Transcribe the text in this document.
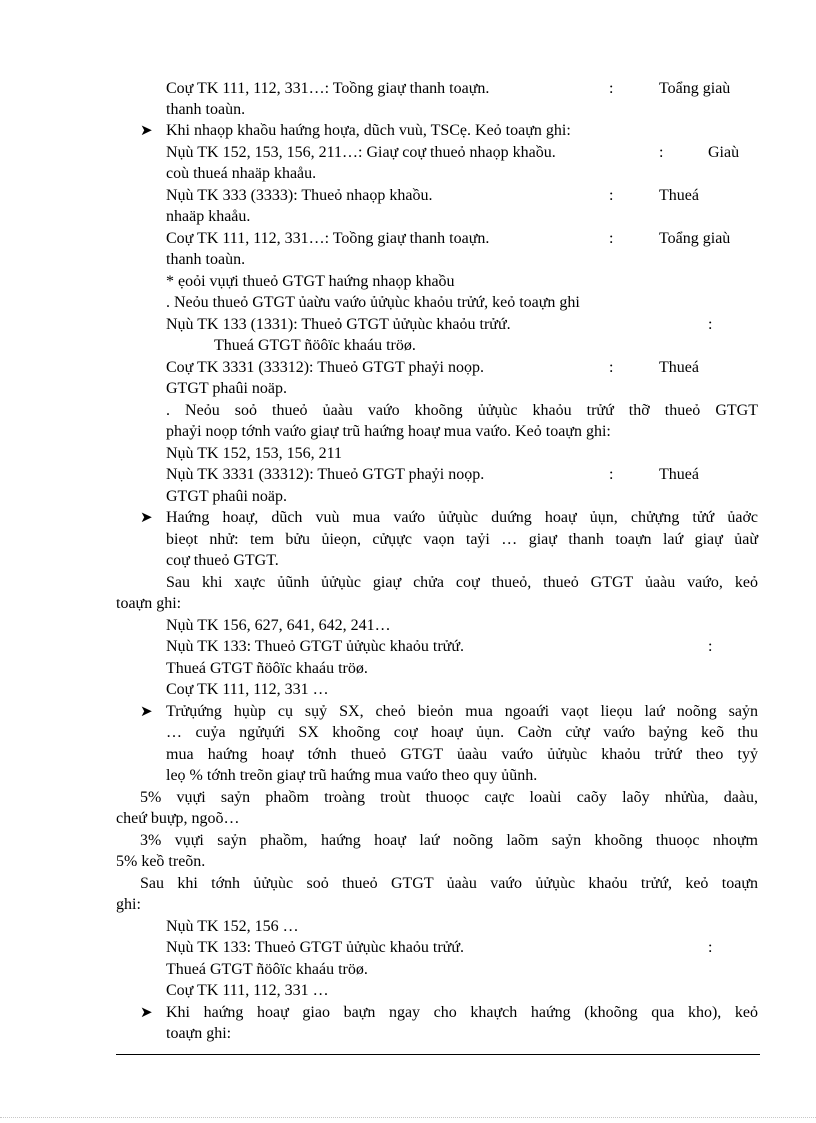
Coự TK 111, 112, 331…: Toồng giaự thanh toaựn.	:	Toẩng giaù
thanh toaùn.
➤ Khi nhaọp khaồu haứng hoựa, dũch vuù, TSCẹ. Keỏ toaựn ghi:
Nụù TK 152, 153, 156, 211…: Giaự coự thueỏ nhaọp khaồu.	:	Giaù
coù thueá nhaäp khaåu.
Nụù TK 333 (3333): Thueỏ nhaọp khaồu.	:	Thueá
nhaäp khaåu.
Coự TK 111, 112, 331…: Toồng giaự thanh toaựn.	:	Toẩng giaù
thanh toaùn.
* ẹoỏi vụựi thueỏ GTGT haứng nhaọp khaồu
. Neỏu thueỏ GTGT ủaừu vaứo ủửụùc khaỏu trửứ, keỏ toaựn ghi
Nụù TK 133 (1331): Thueỏ GTGT ủửụùc khaỏu trửứ.	:
Thueá GTGT ñöôïc khaáu tröø.
Coự TK 3331 (33312): Thueỏ GTGT phaỷi noọp.	:	Thueá
GTGT phaûi noäp.
. Neỏu soỏ thueỏ ủaàu vaứo khoõng ủửụùc khaỏu trửứ thỡ thueỏ GTGT
phaỷi noọp tớnh vaứo giaự trũ haứng hoaự mua vaứo. Keỏ toaựn ghi:
Nụù TK 152, 153, 156, 211
Nụù TK 3331 (33312): Thueỏ GTGT phaỷi noọp.	:	Thueá
GTGT phaûi noäp.
➤ Haứng hoaự, dũch vuù mua vaứo ủửụùc duứng hoaự ủụn, chửựng tửứ ủaởc
bieọt nhử: tem bửu ủieọn, cửụực vaọn taỷi … giaự thanh toaựn laứ giaự ủaừ
coự thueỏ GTGT.
Sau khi xaực ủũnh ủửụùc giaự chửa coự thueỏ, thueỏ GTGT ủaàu vaứo, keỏ
toaựn ghi:
Nụù TK 156, 627, 641, 642, 241…
Nụù TK 133: Thueỏ GTGT ủửụùc khaỏu trửứ.	:
Thueá GTGT ñöôïc khaáu tröø.
Coự TK 111, 112, 331 …
➤ Trửụứng hụùp cụ sụỷ SX, cheỏ bieỏn mua ngoaứi vaọt lieọu laứ noõng saỷn
… cuỷa ngửụứi SX khoõng coự hoaự ủụn. Caờn cửự vaứo baỷng keõ thu
mua haứng hoaự tớnh thueỏ GTGT ủaàu vaứo ủửụùc khaỏu trửứ theo tyỷ
leọ % tớnh treõn giaự trũ haứng mua vaứo theo quy ủũnh.
5% vụựi saỷn phaồm troàng troùt thuoọc caực loaùi caõy laõy nhửùa, daàu,
cheứ buựp, ngoõ…
3% vụựi saỷn phaồm, haứng hoaự laứ noõng laõm saỷn khoõng thuoọc nhoựm
5% keồ treõn.
Sau khi tớnh ủửụùc soỏ thueỏ GTGT ủaàu vaứo ủửụùc khaỏu trửứ, keỏ toaựn
ghi:
Nụù TK 152, 156 …
Nụù TK 133: Thueỏ GTGT ủửụùc khaỏu trửứ.	:
Thueá GTGT ñöôïc khaáu tröø.
Coự TK 111, 112, 331 …
➤ Khi haứng hoaự giao baựn ngay cho khaựch haứng (khoõng qua kho), keỏ
toaựn ghi:
